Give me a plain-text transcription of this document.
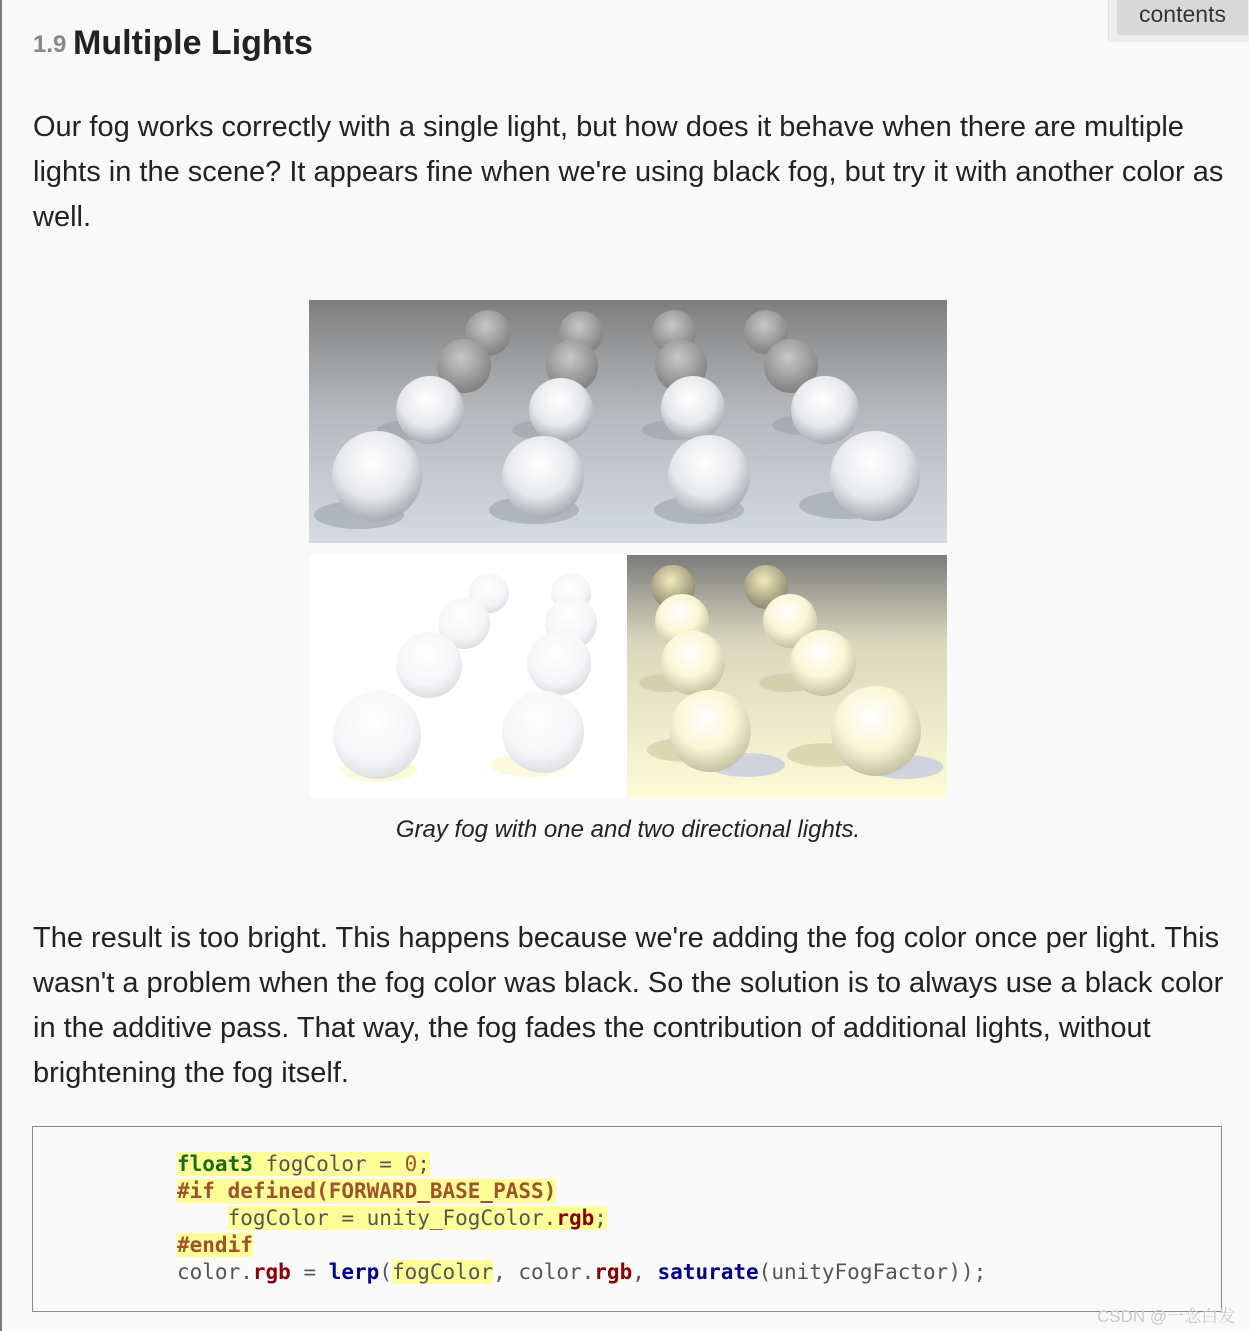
contents
1.9 Multiple Lights

Our fog works correctly with a single light, but how does it behave when there are multiple lights in the scene? It appears fine when we're using black fog, but try it with another color as well.

Gray fog with one and two directional lights.

The result is too bright. This happens because we're adding the fog color once per light. This wasn't a problem when the fog color was black. So the solution is to always use a black color in the additive pass. That way, the fog fades the contribution of additional lights, without brightening the fog itself.

float3 fogColor = 0;
#if defined(FORWARD_BASE_PASS)
fogColor = unity_FogColor.rgb;
#endif
color.rgb = lerp(fogColor, color.rgb, saturate(unityFogFactor));
CSDN @一念白发
